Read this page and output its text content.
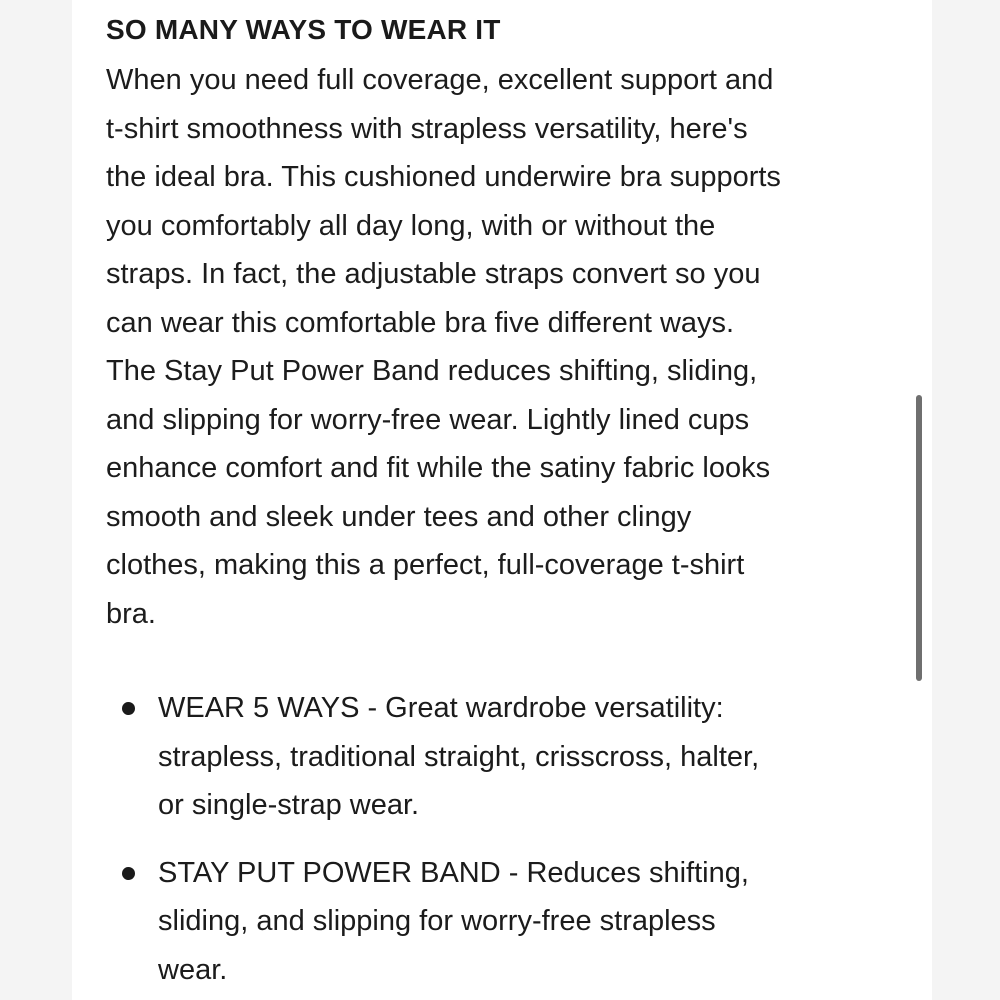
SO MANY WAYS TO WEAR IT

When you need full coverage, excellent support and
t-shirt smoothness with strapless versatility, here's
the ideal bra. This cushioned underwire bra supports
you comfortably all day long, with or without the
straps. In fact, the adjustable straps convert so you
can wear this comfortable bra five different ways.
The Stay Put Power Band reduces shifting, sliding,
and slipping for worry-free wear. Lightly lined cups
enhance comfort and fit while the satiny fabric looks
smooth and sleek under tees and other clingy
clothes, making this a perfect, full-coverage t-shirt
bra.

WEAR 5 WAYS - Great wardrobe versatility:
strapless, traditional straight, crisscross, halter,
or single-strap wear.
STAY PUT POWER BAND - Reduces shifting,
sliding, and slipping for worry-free strapless
wear.
